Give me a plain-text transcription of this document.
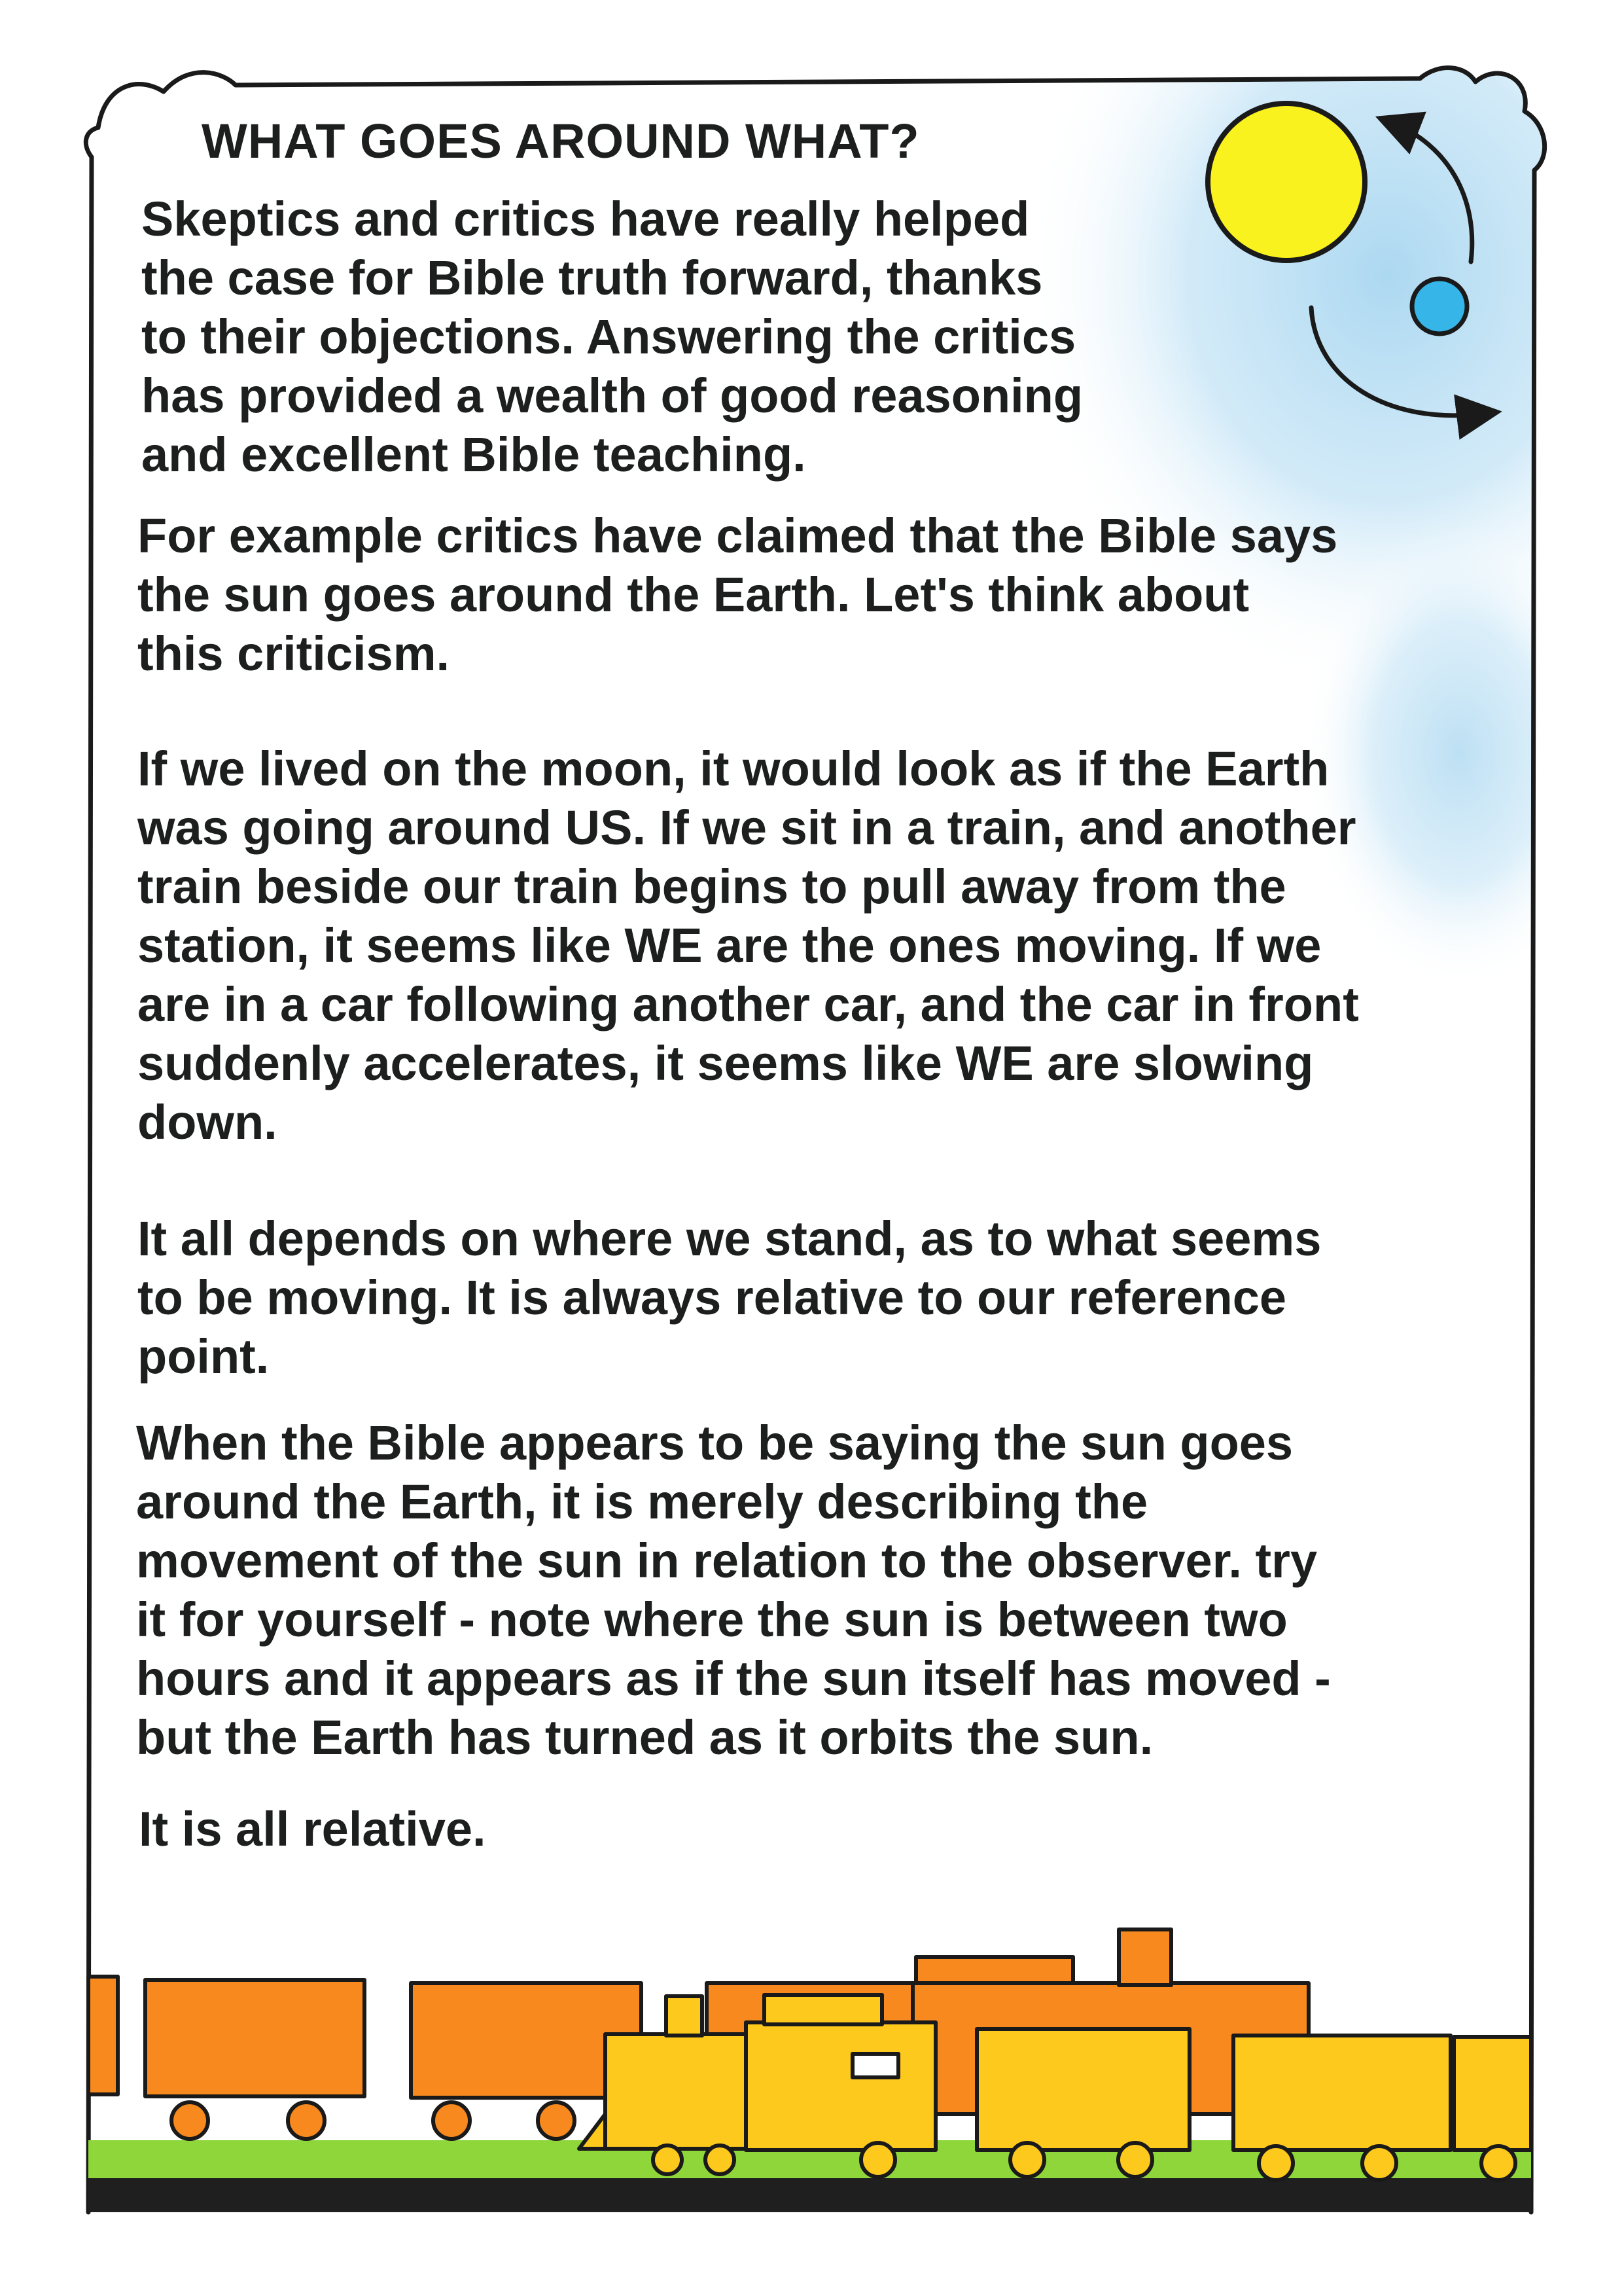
WHAT GOES AROUND WHAT?
Skeptics and critics have really helped
the case for Bible truth forward, thanks
to their objections. Answering the critics
has provided a wealth of good reasoning
and excellent Bible teaching.
For example critics have claimed that the Bible says
the sun goes around the Earth. Let's think about
this criticism.
If we lived on the moon, it would look as if the Earth
was going around US. If we sit in a train, and another
train beside our train begins to pull away from the
station, it seems like WE are the ones moving. If we
are in a car following another car, and the car in front
suddenly accelerates, it seems like WE are slowing
down.
It all depends on where we stand, as to what seems
to be moving. It is always relative to our reference
point.
When the Bible appears to be saying the sun goes
around the Earth, it is merely describing the
movement of the sun in relation to the observer. try
it for yourself - note where the sun is between two
hours and it appears as if the sun itself has moved -
but the Earth has turned as it orbits the sun.
It is all relative.
